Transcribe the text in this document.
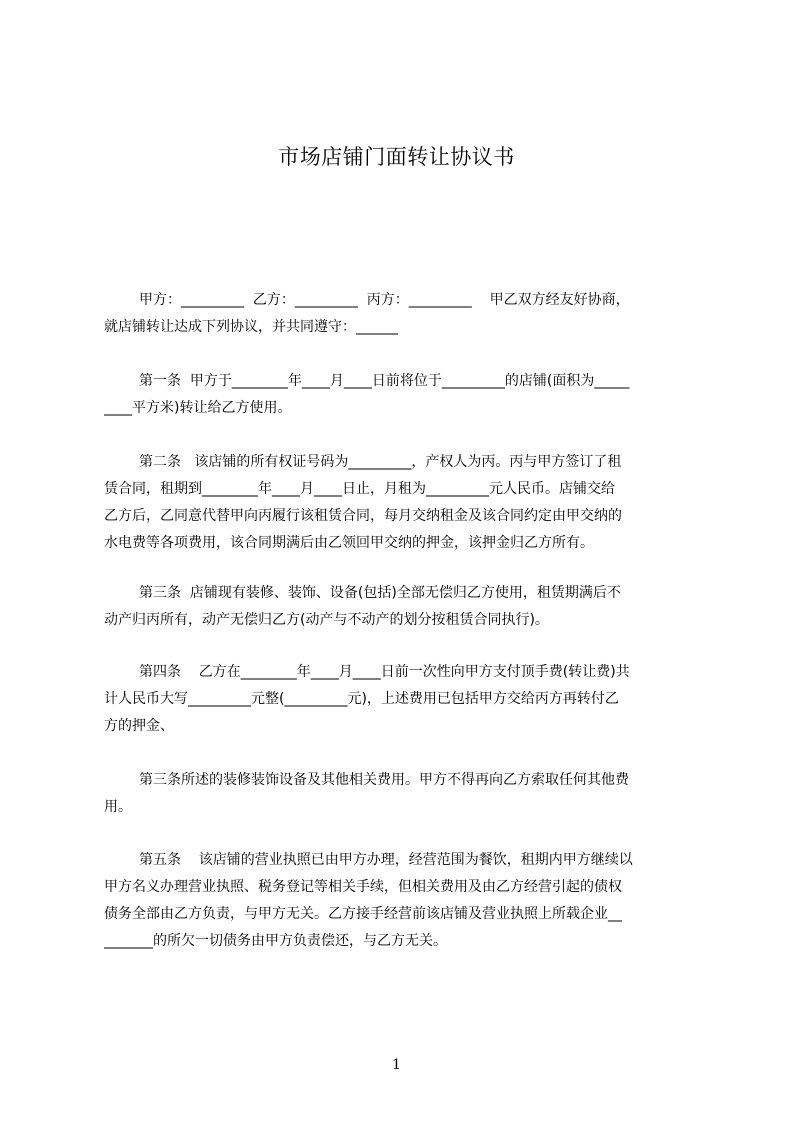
市场店铺门面转让协议书
甲方：_________  乙方：_________  丙方：_________    甲乙双方经友好协商，
就店铺转让达成下列协议，并共同遵守：______
第一条  甲方于________年____月____日前将位于_________的店铺(面积为_____
____平方米)转让给乙方使用。
第二条   该店铺的所有权证号码为_________，产权人为丙。丙与甲方签订了租
赁合同，租期到________年____月____日止，月租为_________元人民币。店铺交给
乙方后，乙同意代替甲向丙履行该租赁合同，每月交纳租金及该合同约定由甲交纳的
水电费等各项费用，该合同期满后由乙领回甲交纳的押金，该押金归乙方所有。
第三条  店铺现有装修、装饰、设备(包括)全部无偿归乙方使用，租赁期满后不
动产归丙所有，动产无偿归乙方(动产与不动产的划分按租赁合同执行)。
第四条    乙方在________年____月____日前一次性向甲方支付顶手费(转让费)共
计人民币大写_________元整(_________元)，上述费用已包括甲方交给丙方再转付乙
方的押金、
第三条所述的装修装饰设备及其他相关费用。甲方不得再向乙方索取任何其他费
用。
第五条    该店铺的营业执照已由甲方办理，经营范围为餐饮，租期内甲方继续以
甲方名义办理营业执照、税务登记等相关手续，但相关费用及由乙方经营引起的债权
债务全部由乙方负责，与甲方无关。乙方接手经营前该店铺及营业执照上所载企业__
_______的所欠一切债务由甲方负责偿还，与乙方无关。
1
